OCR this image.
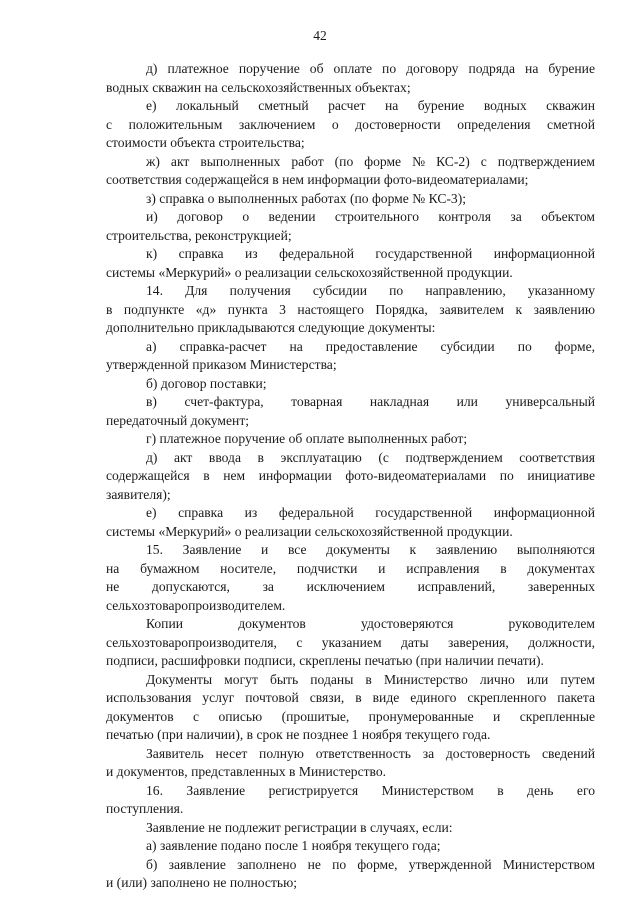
42
д) платежное поручение об оплате по договору подряда на бурение
водных скважин на сельскохозяйственных объектах;
е) локальный сметный расчет на бурение водных скважин
с положительным заключением о достоверности определения сметной
стоимости объекта строительства;
ж) акт выполненных работ (по форме № КС-2) с подтверждением
соответствия содержащейся в нем информации фото-видеоматериалами;
з) справка о выполненных работах (по форме № КС-3);
и) договор о ведении строительного контроля за объектом
строительства, реконструкцией;
к) справка из федеральной государственной информационной
системы «Меркурий» о реализации сельскохозяйственной продукции.
14. Для получения субсидии по направлению, указанному
в подпункте «д» пункта 3 настоящего Порядка, заявителем к заявлению
дополнительно прикладываются следующие документы:
а) справка-расчет на предоставление субсидии по форме,
утвержденной приказом Министерства;
б) договор поставки;
в) счет-фактура, товарная накладная или универсальный
передаточный документ;
г) платежное поручение об оплате выполненных работ;
д) акт ввода в эксплуатацию (с подтверждением соответствия
содержащейся в нем информации фото-видеоматериалами по инициативе
заявителя);
е) справка из федеральной государственной информационной
системы «Меркурий» о реализации сельскохозяйственной продукции.
15. Заявление и все документы к заявлению выполняются
на бумажном носителе, подчистки и исправления в документах
не допускаются, за исключением исправлений, заверенных
сельхозтоваропроизводителем.
Копии документов удостоверяются руководителем
сельхозтоваропроизводителя, с указанием даты заверения, должности,
подписи, расшифровки подписи, скреплены печатью (при наличии печати).
Документы могут быть поданы в Министерство лично или путем
использования услуг почтовой связи, в виде единого скрепленного пакета
документов с описью (прошитые, пронумерованные и скрепленные
печатью (при наличии), в срок не позднее 1 ноября текущего года.
Заявитель несет полную ответственность за достоверность сведений
и документов, представленных в Министерство.
16. Заявление регистрируется Министерством в день его
поступления.
Заявление не подлежит регистрации в случаях, если:
а) заявление подано после 1 ноября текущего года;
б) заявление заполнено не по форме, утвержденной Министерством
и (или) заполнено не полностью;
